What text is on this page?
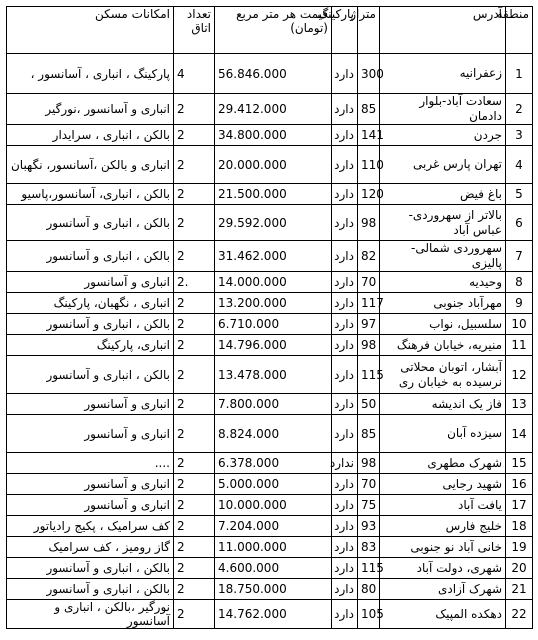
منطقه	آدرس	متراژ	پارکینگ	قیمت هر متر مربع (تومان)	تعداد اتاق	امکانات مسکن
1	زعفرانیه	300	دارد	56.846.000	4	پارکینگ ، انباری ، آسانسور ،
2	سعادت آباد-بلوار دادمان	85	دارد	29.412.000	2	انباری و آسانسور ،نورگیر
3	جردن	141	دارد	34.800.000	2	بالکن ، انباری ، سرایدار
4	تهران پارس غربی	110	دارد	20.000.000	2	انباری و بالکن ،آسانسور، نگهبان
5	باغ فیض	120	دارد	21.500.000	2	بالکن ، انباری، آسانسور،پاسیو
6	بالاتر از سهروردی- عباس آباد	98	دارد	29.592.000	2	بالکن ، انباری و آسانسور
7	سهروردی شمالی-پالیزی	82	دارد	31.462.000	2	بالکن ، انباری و آسانسور
8	وحیدیه	70	دارد	14.000.000	2.	انباری و آسانسور
9	مهرآباد جنوبی	117	دارد	13.200.000	2	انباری ، نگهبان، پارکینگ
10	سلسبیل، نواب	97	دارد	6.710.000	2	بالکن ، انباری و آسانسور
11	منیریه، خیابان فرهنگ	98	دارد	14.796.000	2	انباری، پارکینگ
12	آبشار، اتوبان محلاتی نرسیده به خیابان ری	115	دارد	13.478.000	2	بالکن ، انباری و آسانسور
13	فاز یک اندیشه	50	دارد	7.800.000	2	انباری و آسانسور
14	سیزده آبان	85	دارد	8.824.000	2	انباری و آسانسور
15	شهرک مطهری	98	ندارد	6.378.000	2	....
16	شهید رجایی	70	دارد	5.000.000	2	انباری و آسانسور
17	یافت آباد	75	دارد	10.000.000	2	انباری و آسانسور
18	خلیج فارس	93	دارد	7.204.000	2	کف سرامیک ، پکیج رادیاتور
19	خانی آباد نو جنوبی	83	دارد	11.000.000	2	گاز رومیز ، کف سرامیک
20	شهری، دولت آباد	115	دارد	4.600.000	2	بالکن ، انباری و آسانسور
21	شهرک آزادی	80	دارد	18.750.000	2	بالکن ، انباری و آسانسور
22	دهکده المپیک	105	دارد	14.762.000	2	نورگیر ،بالکن ، انباری و آسانسور
